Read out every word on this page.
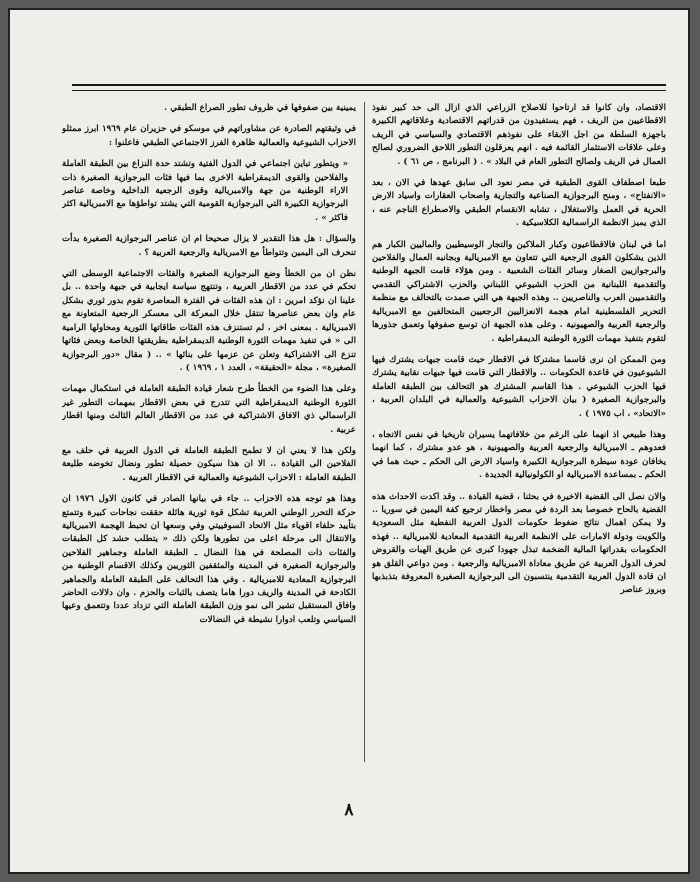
الاقتصاد، وان كانوا قد ارتاحوا للاصلاح الزراعي الذي ازال الى حد كبير نفوذ الاقطاعيين من الريف ، فهم يستفيدون من قدراتهم الاقتصادية وعلاقاتهم الكبيرة باجهزة السلطة من اجل الابقاء على نفوذهم الاقتصادي والسياسي في الريف وعلى علاقات الاستثمار القائمة فيه . انهم يعرقلون التطور اللاحق الضروري لصالح العمال في الريف ولصالح التطور العام في البلاد » . ( البرنامج ، ص ٦١ ) .

طبعا اصطفاف القوى الطبقية في مصر نعود الى سابق عهدها في الان ، بعد «الانفتاح» ، ومنح البرجوازية الصناعية والتجارية واصحاب العقارات واسياد الارض الحرية في العمل والاستغلال ، تشابه الانقسام الطبقي والاصطراع الناجم عنه ، الذي يميز الانظمة الراسمالية الكلاسيكية .

اما في لبنان فالاقطاعيون وكبار الملاكين والتجار الوسيطيين والماليين الكبار هم الذين يشكلون القوى الرجعية التي تتعاون مع الامبريالية وبجانبه العمال والفلاحين والبرجوازيين الصغار وسائر الفئات الشعبية . ومن هؤلاء قامت الجبهة الوطنية والتقدمية اللبنانية من الحزب الشيوعي اللبناني والحزب الاشتراكي التقدمي والتقدميين العرب والناصريين .. وهذه الجبهة هي التي صمدت بالتحالف مع منظمة التحرير الفلسطينية امام هجمة الانعزاليين الرجعيين المتحالفين مع الامبريالية والرجعية العربية والصهيونية . وعلى هذه الجبهة ان توسع صفوفها وتعمق جذورها لتقوم بتنفيذ مهمات الثورة الوطنية الديمقراطية .

ومن الممكن ان نرى قاسما مشتركا في الاقطار حيث قامت جبهات يشترك فيها الشيوعيون في قاعدة الحكومات .. والاقطار التي قامت فيها جبهات نقابية يشترك فيها الحزب الشيوعي . هذا القاسم المشترك هو التحالف بين الطبقة العاملة والبرجوازية الصغيرة ( بيان الاحزاب الشيوعية والعمالية في البلدان العربية ، «الاتحاد» ، اب ١٩٧٥ ) .

وهذا طبيعي اذ انهما على الرغم من خلافاتهما يسيران تاريخيا في نفس الاتجاه ، فعدوهم ـ الامبريالية والرجعية العربية والصهيونية ، هو عدو مشترك ، كما انهما يخافان عودة سيطرة البرجوازية الكبيرة واسياد الارض الى الحكم ـ حيث هما في الحكم ـ بمساعدة الامبريالية او الكولونيالية الجديدة .

والان نصل الى القضية الاخيرة في بحثنا ، قضية القيادة .. وقد اكدت الاحداث هذه القضية بالحاح خصوصا بعد الردة في مصر واخطار ترجيع كفة اليمين في سوريا .. ولا يمكن اهمال نتائج ضغوط حكومات الدول العربية النفطية مثل السعودية والكويت ودولة الامارات على الانظمة العربية التقدمية المعادية للامبريالية .. فهذه الحكومات بقدراتها المالية الضخمة تبذل جهودا كبرى عن طريق الهبات والقروض لحرف الدول العربية عن طريق معاداة الامبريالية والرجعية . ومن دواعي القلق هو ان قادة الدول العربية التقدمية ينتسبون الى البرجوازية الصغيرة المعروفة بتذبذبها وبروز عناصر

يمينية بين صفوفها في ظروف تطور الصراع الطبقي .

في وثيقتهم الصادرة عن مشاوراتهم في موسكو في حزيران عام ١٩٦٩ ابرز ممثلو الاحزاب الشيوعية والعمالية ظاهرة الفرز الاجتماعي الطبقي فاعلنوا :

« ويتطور تباين اجتماعي في الدول الفتية وتشتد حدة النزاع بين الطبقة العاملة والفلاحين والقوى الديمقراطية الاخرى بما فيها فئات البرجوازية الصغيرة ذات الاراء الوطنية من جهة والامبريالية وقوى الرجعية الداخلية وخاصة عناصر البرجوازية الكبيرة التي البرجوازية القومية التي يشتد تواطؤها مع الامبريالية اكثر فاكثر » .

والسؤال : هل هذا التقدير لا يزال صحيحا ام ان عناصر البرجوازية الصغيرة بدأت تنحرف الى اليمين وتتواطأ مع الامبريالية والرجعية العربية ؟ .

نظن ان من الخطأ وضع البرجوازية الصغيرة والفئات الاجتماعية الوسطى التي تحكم في عدد من الاقطار العربية ، وتنتهج سياسة ايجابية في جبهة واحدة .. بل علينا ان نؤكد امرين : ان هذه الفئات في الفترة المعاصرة تقوم بدور ثوري بشكل عام وان بعض عناصرها تنتقل خلال المعركة الى معسكر الرجعية المتعاونة مع الامبريالية . بمعنى اخر ، لم تستنزف هذه الفئات طاقاتها الثورية ومحاولها الرامية الى « في تنفيذ مهمات الثورة الوطنية الديمقراطية بطريقتها الخاصة وبعض فئاتها تنزع الى الاشتراكية وتعلن عن عزمها على بنائها » .. ( مقال «دور البرجوازية الصغيرة» ، مجلة «الحقيقة» ، العدد ١ ، ١٩٦٩ ) .

وعلى هذا الضوء من الخطأ طرح شعار قيادة الطبقة العاملة في استكمال مهمات الثورة الوطنية الديمقراطية التي تتدرج في بعض الاقطار بمهمات التطور غير الراسمالي ذي الافاق الاشتراكية في عدد من الاقطار العالم الثالث ومنها اقطار عربية .

ولكن هذا لا يعني ان لا تطمح الطبقة العاملة في الدول العربية في حلف مع الفلاحين الى القيادة .. الا ان هذا سيكون حصيلة تطور ونضال تخوضه طليعة الطبقة العاملة : الاحزاب الشيوعية والعمالية في الاقطار العربية .

وهذا هو توجه هذه الاحزاب .. جاء في بيانها الصادر في كانون الاول ١٩٧٦ ان حركة التحرر الوطني العربية تشكل قوة ثورية هائلة حققت نجاحات كبيرة وتتمتع بتأييد حلفاء اقوياء مثل الاتحاد السوفييتي وفي وسعها ان تحبط الهجمة الامبريالية والانتقال الى مرحلة اعلى من تطورها ولكن ذلك « يتطلب حشد كل الطبقات والفئات ذات المصلحة في هذا النضال ـ الطبقة العاملة وجماهير الفلاحين والبرجوازية الصغيرة في المدينة والمثقفين الثوريين وكذلك الاقسام الوطنية من البرجوازية المعادية للامبريالية . وفي هذا التحالف على الطبقة العاملة والجماهير الكادحة في المدينة والريف دورا هاما يتصف بالثبات والحزم . وان دلالات الحاضر وافاق المستقبل تشير الى نمو وزن الطبقة العاملة التي تزداد عددا وتتعمق وعيها السياسي وتلعب ادوارا نشيطة في النضالات

٨
